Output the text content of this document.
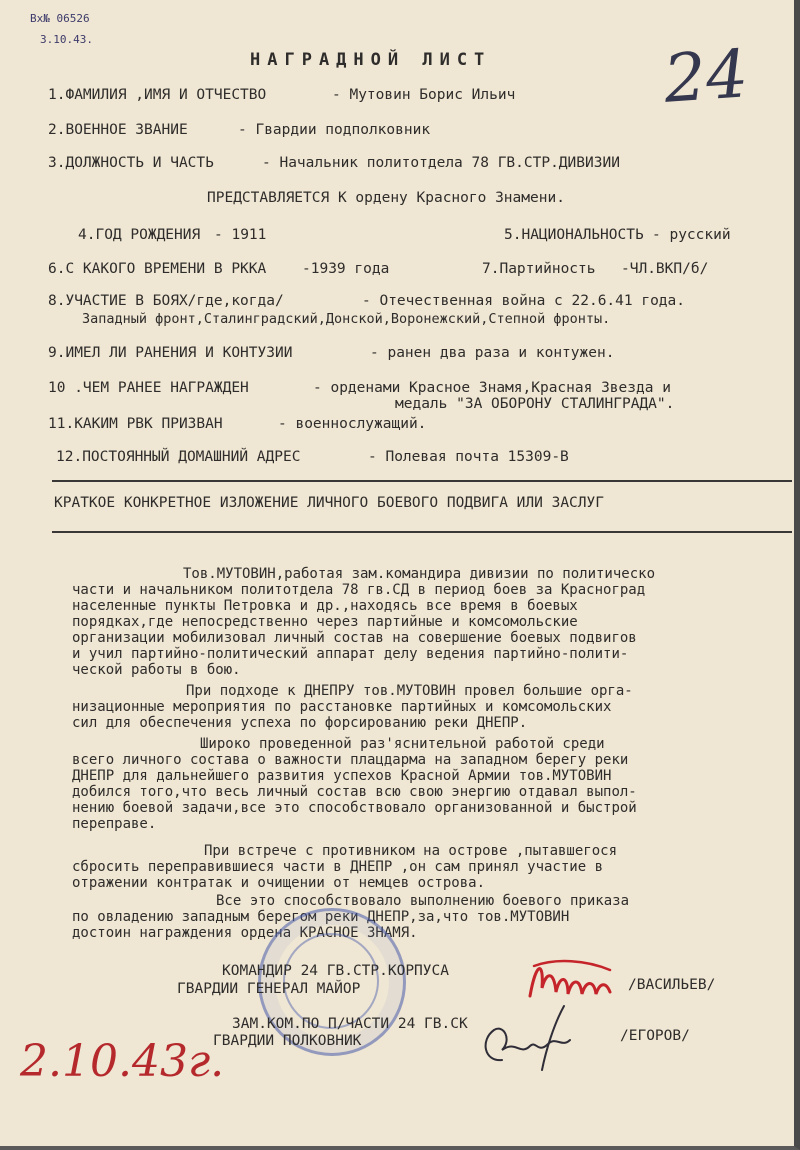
Вх№ 06526
3.10.43.	24
НАГРАДНОЙ ЛИСТ
1.ФАМИЛИЯ ,ИМЯ И ОТЧЕСТВО	- Мутовин Борис Ильич
2.ВОЕННОЕ ЗВАНИЕ	- Гвардии подполковник
3.ДОЛЖНОСТЬ И ЧАСТЬ	- Начальник политотдела 78 ГВ.СТР.ДИВИЗИИ
ПРЕДСТАВЛЯЕТСЯ К ордену Красного Знамени.
4.ГОД РОЖДЕНИЯ - 1911	5.НАЦИОНАЛЬНОСТЬ - русский
6.С КАКОГО ВРЕМЕНИ В РККА -1939 года	7.Партийность -ЧЛ.ВКП/б/
8.УЧАСТИЕ В БОЯХ/где,когда/	- Отечественная война с 22.6.41 года.
Западный фронт,Сталинградский,Донской,Воронежский,Степной фронты.
9.ИМЕЛ ЛИ РАНЕНИЯ И КОНТУЗИИ	- ранен два раза и контужен.
10 .ЧЕМ РАНЕЕ НАГРАЖДЕН	- орденами Красное Знамя,Красная Звезда и
медаль "ЗА ОБОРОНУ СТАЛИНГРАДА".
11.КАКИМ РВК ПРИЗВАН	- военнослужащий.
12.ПОСТОЯННЫЙ ДОМАШНИЙ АДРЕС	- Полевая почта 15309-В
КРАТКОЕ КОНКРЕТНОЕ ИЗЛОЖЕНИЕ ЛИЧНОГО БОЕВОГО ПОДВИГА ИЛИ ЗАСЛУГ
Тов.МУТОВИН,работая зам.командира дивизии по политическо
части и начальником политотдела 78 гв.СД в период боев за Красноград
населенные пункты Петровка и др.,находясь все время в боевых
порядках,где непосредственно через партийные и комсомольские
организации мобилизовал личный состав на совершение боевых подвигов
и учил партийно-политический аппарат делу ведения партийно-полити-
ческой работы в бою.
При подходе к ДНЕПРУ тов.МУТОВИН провел большие орга-
низационные мероприятия по расстановке партийных и комсомольских
сил для обеспечения успеха по форсированию реки ДНЕПР.
Широко проведенной раз'яснительной работой среди
всего личного состава о важности плацдарма на западном берегу реки
ДНЕПР для дальнейшего развития успехов Красной Армии тов.МУТОВИН
добился того,что весь личный состав всю свою энергию отдавал выпол-
нению боевой задачи,все это способствовало организованной и быстрой
переправе.
При встрече с противником на острове ,пытавшегося
сбросить переправившиеся части в ДНЕПР ,он сам принял участие в
отражении контратак и очищении от немцев острова.
Все это способствовало выполнению боевого приказа
по овладению западным берегом реки ДНЕПР,за,что тов.МУТОВИН
достоин награждения ордена КРАСНОЕ ЗНАМЯ.
КОМАНДИР 24 ГВ.СТР.КОРПУСА
ГВАРДИИ ГЕНЕРАЛ МАЙОР	/ВАСИЛЬЕВ/
ЗАМ.КОМ.ПО П/ЧАСТИ 24 ГВ.СК
ГВАРДИИ ПОЛКОВНИК	/ЕГОРОВ/
2.10.43г.
